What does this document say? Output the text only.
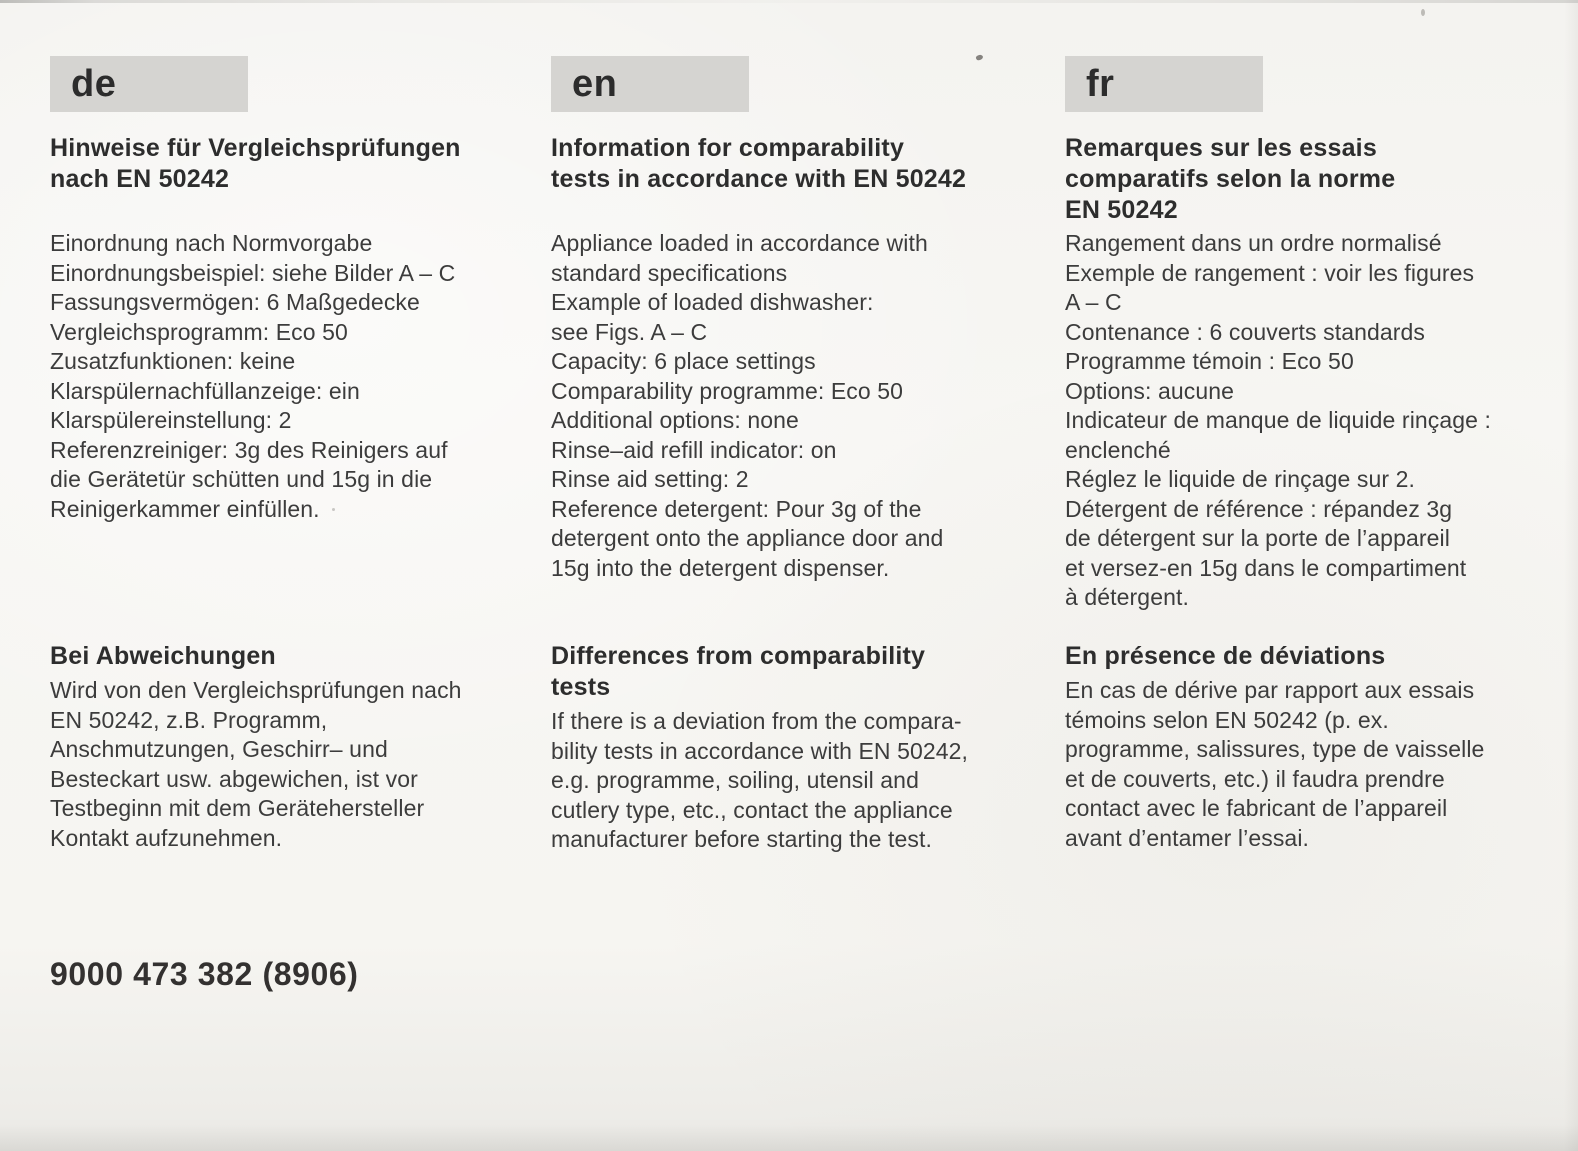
de
Hinweise für Vergleichsprüfungen
nach EN 50242
Einordnung nach Normvorgabe
Einordnungsbeispiel: siehe Bilder A – C
Fassungsvermögen: 6 Maßgedecke
Vergleichsprogramm: Eco 50
Zusatzfunktionen: keine
Klarspülernachfüllanzeige: ein
Klarspülereinstellung: 2
Referenzreiniger: 3g des Reinigers auf
die Gerätetür schütten und 15g in die
Reinigerkammer einfüllen.
Bei Abweichungen
Wird von den Vergleichsprüfungen nach
EN 50242, z.B. Programm,
Anschmutzungen, Geschirr– und
Besteckart usw. abgewichen, ist vor
Testbeginn mit dem Gerätehersteller
Kontakt aufzunehmen.
en
Information for comparability
tests in accordance with EN 50242
Appliance loaded in accordance with
standard specifications
Example of loaded dishwasher:
see Figs. A – C
Capacity: 6 place settings
Comparability programme: Eco 50
Additional options: none
Rinse–aid refill indicator: on
Rinse aid setting: 2
Reference detergent: Pour 3g of the
detergent onto the appliance door and
15g into the detergent dispenser.
Differences from comparability
tests
If there is a deviation from the compara-
bility tests in accordance with EN 50242,
e.g. programme, soiling, utensil and
cutlery type, etc., contact the appliance
manufacturer before starting the test.
fr
Remarques sur les essais
comparatifs selon la norme
EN 50242
Rangement dans un ordre normalisé
Exemple de rangement : voir les figures
A – C
Contenance : 6 couverts standards
Programme témoin : Eco 50
Options: aucune
Indicateur de manque de liquide rinçage :
enclenché
Réglez le liquide de rinçage sur 2.
Détergent de référence : répandez 3g
de détergent sur la porte de l’appareil
et versez-en 15g dans le compartiment
à détergent.
En présence de déviations
En cas de dérive par rapport aux essais
témoins selon EN 50242 (p. ex.
programme, salissures, type de vaisselle
et de couverts, etc.) il faudra prendre
contact avec le fabricant de l’appareil
avant d’entamer l’essai.
9000 473 382 (8906)
